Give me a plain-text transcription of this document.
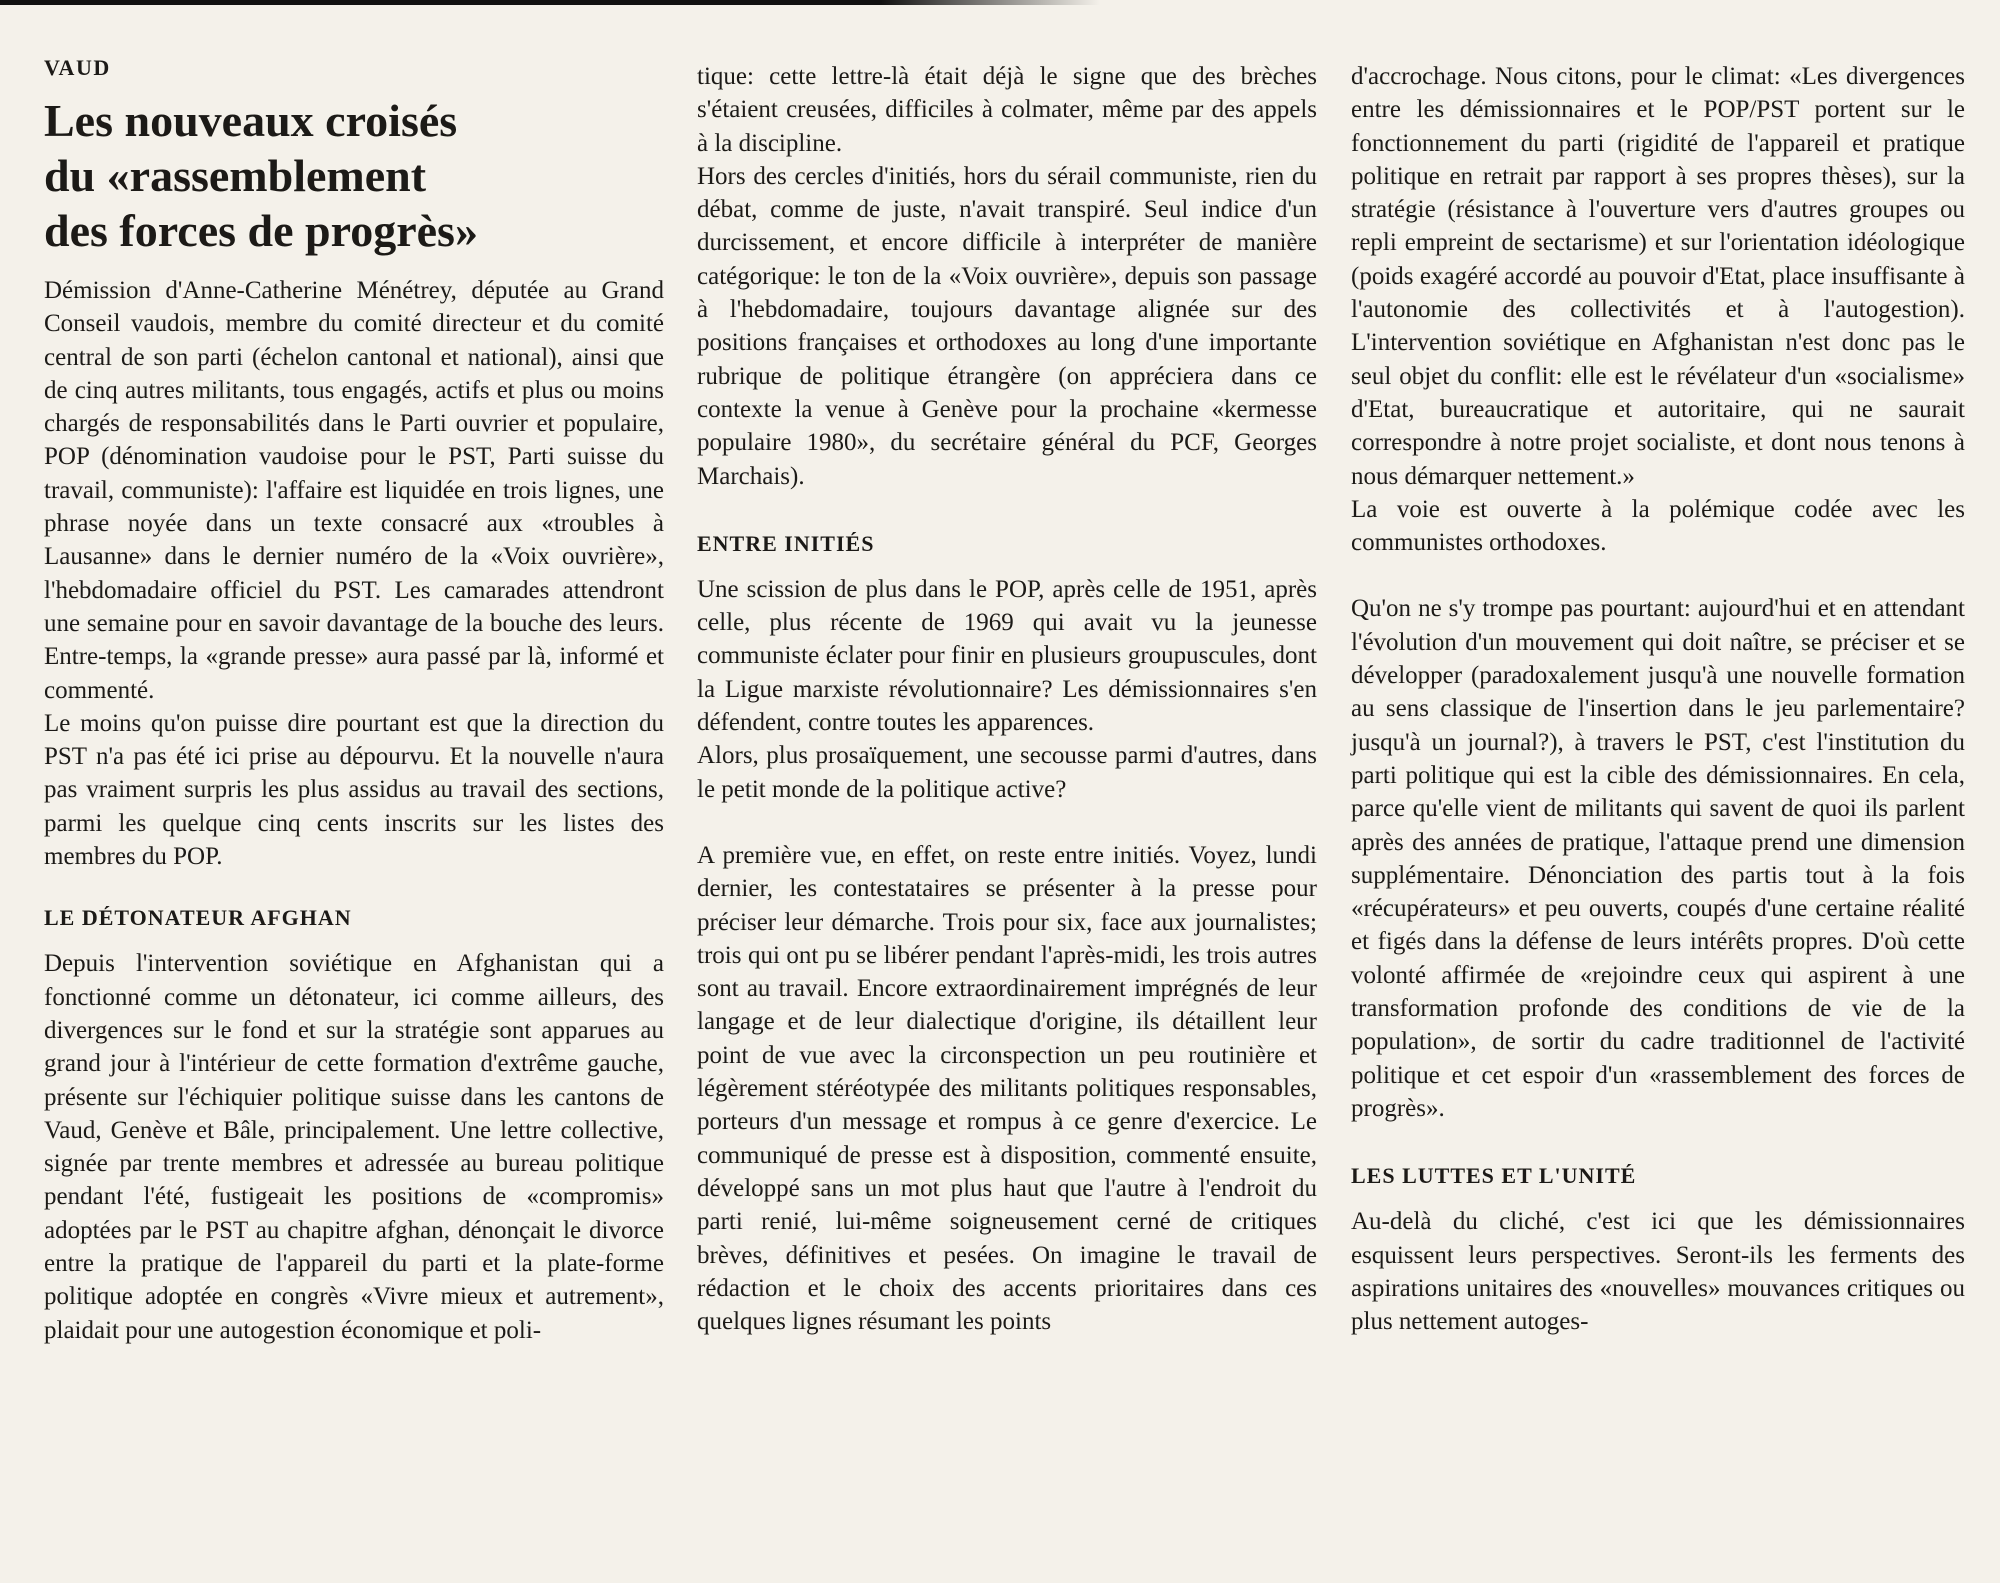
VAUD
Les nouveaux croisés
du «rassemblement
des forces de progrès»

Démission d'Anne-Catherine Ménétrey, députée au Grand Conseil vaudois, membre du comité directeur et du comité central de son parti (échelon cantonal et national), ainsi que de cinq autres militants, tous engagés, actifs et plus ou moins chargés de responsabilités dans le Parti ouvrier et populaire, POP (dénomination vaudoise pour le PST, Parti suisse du travail, communiste): l'affaire est liquidée en trois lignes, une phrase noyée dans un texte consacré aux «troubles à Lausanne» dans le dernier numéro de la «Voix ouvrière», l'hebdomadaire officiel du PST. Les camarades attendront une semaine pour en savoir davantage de la bouche des leurs. Entre-temps, la «grande presse» aura passé par là, informé et commenté.

Le moins qu'on puisse dire pourtant est que la direction du PST n'a pas été ici prise au dépourvu. Et la nouvelle n'aura pas vraiment surpris les plus assidus au travail des sections, parmi les quelque cinq cents inscrits sur les listes des membres du POP.

LE DÉTONATEUR AFGHAN

Depuis l'intervention soviétique en Afghanistan qui a fonctionné comme un détonateur, ici comme ailleurs, des divergences sur le fond et sur la stratégie sont apparues au grand jour à l'intérieur de cette formation d'extrême gauche, présente sur l'échiquier politique suisse dans les cantons de Vaud, Genève et Bâle, principalement. Une lettre collective, signée par trente membres et adressée au bureau politique pendant l'été, fustigeait les positions de «compromis» adoptées par le PST au chapitre afghan, dénonçait le divorce entre la pratique de l'appareil du parti et la plate-forme politique adoptée en congrès «Vivre mieux et autrement», plaidait pour une autogestion économique et poli-

tique: cette lettre-là était déjà le signe que des brèches s'étaient creusées, difficiles à colmater, même par des appels à la discipline.

Hors des cercles d'initiés, hors du sérail communiste, rien du débat, comme de juste, n'avait transpiré. Seul indice d'un durcissement, et encore difficile à interpréter de manière catégorique: le ton de la «Voix ouvrière», depuis son passage à l'hebdomadaire, toujours davantage alignée sur des positions françaises et orthodoxes au long d'une importante rubrique de politique étrangère (on appréciera dans ce contexte la venue à Genève pour la prochaine «kermesse populaire 1980», du secrétaire général du PCF, Georges Marchais).

ENTRE INITIÉS

Une scission de plus dans le POP, après celle de 1951, après celle, plus récente de 1969 qui avait vu la jeunesse communiste éclater pour finir en plusieurs groupuscules, dont la Ligue marxiste révolutionnaire? Les démissionnaires s'en défendent, contre toutes les apparences.

Alors, plus prosaïquement, une secousse parmi d'autres, dans le petit monde de la politique active?

A première vue, en effet, on reste entre initiés. Voyez, lundi dernier, les contestataires se présenter à la presse pour préciser leur démarche. Trois pour six, face aux journalistes; trois qui ont pu se libérer pendant l'après-midi, les trois autres sont au travail. Encore extraordinairement imprégnés de leur langage et de leur dialectique d'origine, ils détaillent leur point de vue avec la circonspection un peu routinière et légèrement stéréotypée des militants politiques responsables, porteurs d'un message et rompus à ce genre d'exercice. Le communiqué de presse est à disposition, commenté ensuite, développé sans un mot plus haut que l'autre à l'endroit du parti renié, lui-même soigneusement cerné de critiques brèves, définitives et pesées. On imagine le travail de rédaction et le choix des accents prioritaires dans ces quelques lignes résumant les points

d'accrochage. Nous citons, pour le climat: «Les divergences entre les démissionnaires et le POP/PST portent sur le fonctionnement du parti (rigidité de l'appareil et pratique politique en retrait par rapport à ses propres thèses), sur la stratégie (résistance à l'ouverture vers d'autres groupes ou repli empreint de sectarisme) et sur l'orientation idéologique (poids exagéré accordé au pouvoir d'Etat, place insuffisante à l'autonomie des collectivités et à l'autogestion). L'intervention soviétique en Afghanistan n'est donc pas le seul objet du conflit: elle est le révélateur d'un «socialisme» d'Etat, bureaucratique et autoritaire, qui ne saurait correspondre à notre projet socialiste, et dont nous tenons à nous démarquer nettement.»

La voie est ouverte à la polémique codée avec les communistes orthodoxes.

Qu'on ne s'y trompe pas pourtant: aujourd'hui et en attendant l'évolution d'un mouvement qui doit naître, se préciser et se développer (paradoxalement jusqu'à une nouvelle formation au sens classique de l'insertion dans le jeu parlementaire? jusqu'à un journal?), à travers le PST, c'est l'institution du parti politique qui est la cible des démissionnaires. En cela, parce qu'elle vient de militants qui savent de quoi ils parlent après des années de pratique, l'attaque prend une dimension supplémentaire. Dénonciation des partis tout à la fois «récupérateurs» et peu ouverts, coupés d'une certaine réalité et figés dans la défense de leurs intérêts propres. D'où cette volonté affirmée de «rejoindre ceux qui aspirent à une transformation profonde des conditions de vie de la population», de sortir du cadre traditionnel de l'activité politique et cet espoir d'un «rassemblement des forces de progrès».

LES LUTTES ET L'UNITÉ

Au-delà du cliché, c'est ici que les démissionnaires esquissent leurs perspectives. Seront-ils les ferments des aspirations unitaires des «nouvelles» mouvances critiques ou plus nettement autoges-
